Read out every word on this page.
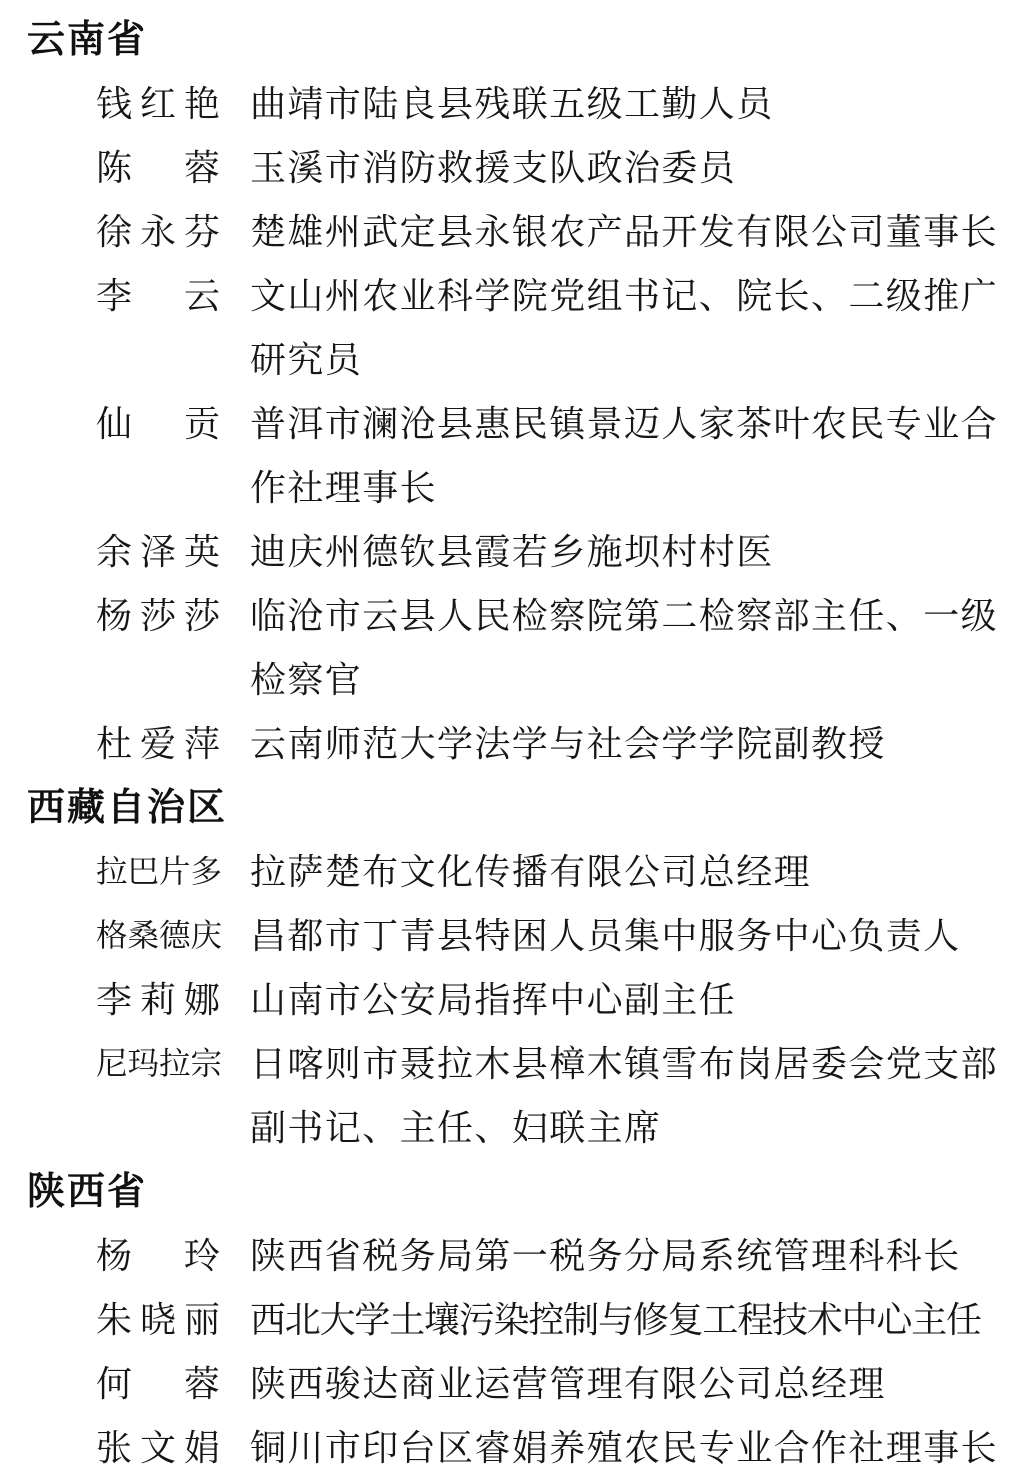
云南省
钱 红 艳 曲靖市陆良县残联五级工勤人员
陈 蓉 玉溪市消防救援支队政治委员
徐 永 芬 楚雄州武定县永银农产品开发有限公司董事长
李 云 文山州农业科学院党组书记、院长、二级推广研究员
仙 贡 普洱市澜沧县惠民镇景迈人家茶叶农民专业合作社理事长
余 泽 英 迪庆州德钦县霞若乡施坝村村医
杨 莎 莎 临沧市云县人民检察院第二检察部主任、一级检察官
杜 爱 萍 云南师范大学法学与社会学学院副教授
西藏自治区
拉 巴 片 多 拉萨楚布文化传播有限公司总经理
格 桑 德 庆 昌都市丁青县特困人员集中服务中心负责人
李 莉 娜 山南市公安局指挥中心副主任
尼 玛 拉 宗 日喀则市聂拉木县樟木镇雪布岗居委会党支部副书记、主任、妇联主席
陕西省
杨 玲 陕西省税务局第一税务分局系统管理科科长
朱 晓 丽 西北大学土壤污染控制与修复工程技术中心主任
何 蓉 陕西骏达商业运营管理有限公司总经理
张 文 娟 铜川市印台区睿娟养殖农民专业合作社理事长
